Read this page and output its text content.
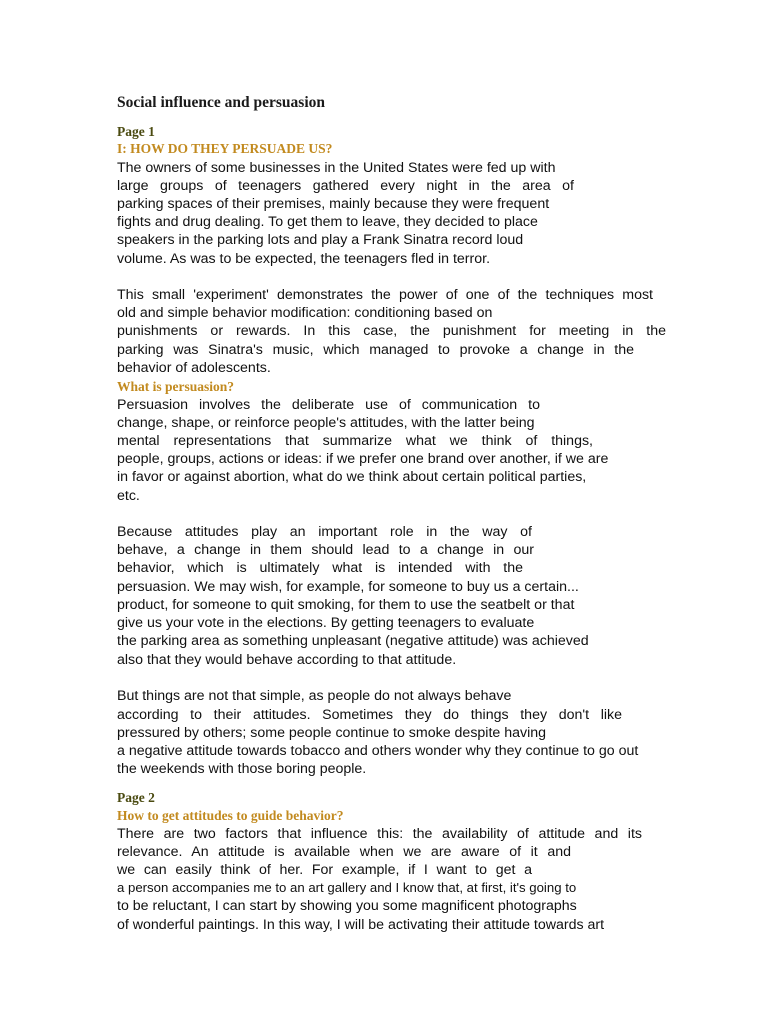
Social influence and persuasion
Page 1
I: HOW DO THEY PERSUADE US?
The owners of some businesses in the United States were fed up with
large groups of teenagers gathered every night in the area of
parking spaces of their premises, mainly because they were frequent
fights and drug dealing. To get them to leave, they decided to place
speakers in the parking lots and play a Frank Sinatra record loud
volume. As was to be expected, the teenagers fled in terror.
This small 'experiment' demonstrates the power of one of the techniques most
old and simple behavior modification: conditioning based on
punishments or rewards. In this case, the punishment for meeting in the
parking was Sinatra's music, which managed to provoke a change in the
behavior of adolescents.
What is persuasion?
Persuasion involves the deliberate use of communication to
change, shape, or reinforce people's attitudes, with the latter being
mental representations that summarize what we think of things,
people, groups, actions or ideas: if we prefer one brand over another, if we are
in favor or against abortion, what do we think about certain political parties,
etc.
Because attitudes play an important role in the way of
behave, a change in them should lead to a change in our
behavior, which is ultimately what is intended with the
persuasion. We may wish, for example, for someone to buy us a certain...
product, for someone to quit smoking, for them to use the seatbelt or that
give us your vote in the elections. By getting teenagers to evaluate
the parking area as something unpleasant (negative attitude) was achieved
also that they would behave according to that attitude.
But things are not that simple, as people do not always behave
according to their attitudes. Sometimes they do things they don't like
pressured by others; some people continue to smoke despite having
a negative attitude towards tobacco and others wonder why they continue to go out
the weekends with those boring people.
Page 2
How to get attitudes to guide behavior?
There are two factors that influence this: the availability of attitude and its
relevance. An attitude is available when we are aware of it and
we can easily think of her. For example, if I want to get a
a person accompanies me to an art gallery and I know that, at first, it's going to
to be reluctant, I can start by showing you some magnificent photographs
of wonderful paintings. In this way, I will be activating their attitude towards art
